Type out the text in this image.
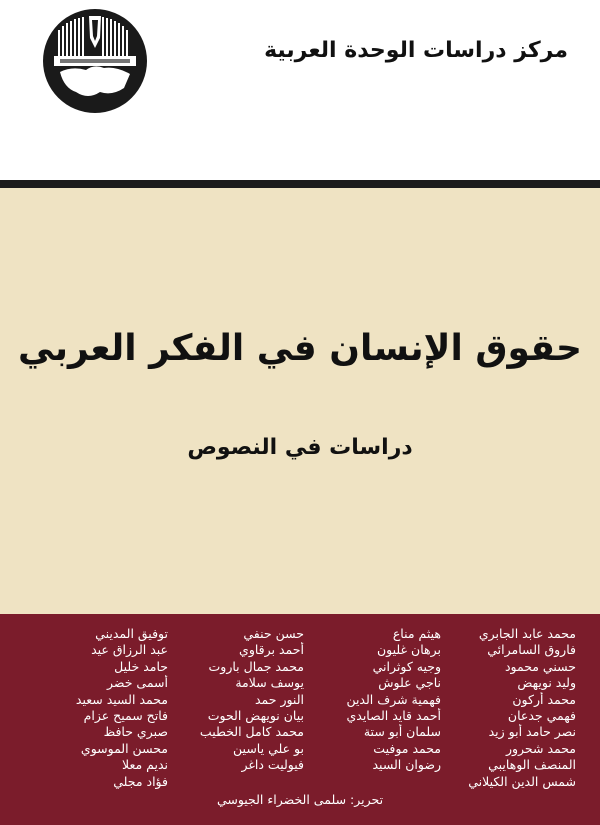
مركز دراسات الوحدة العربية
حقوق الإنسان في الفكر العربي
دراسات في النصوص
محمد عابد الجابري
فاروق السامرائي
حسني محمود
وليد نويهض
محمد أركون
فهمي جدعان
نصر حامد أبو زيد
محمد شحرور
المنصف الوهايبي
شمس الدين الكيلاني
هيثم مناع
برهان غليون
وجيه كوثراني
ناجي علوش
فهمية شرف الدين
أحمد قايد الصايدي
سلمان أبو ستة
محمد موفيت
رضوان السيد
حسن حنفي
أحمد برقاوي
محمد جمال باروت
يوسف سلامة
النور حمد
بيان نويهض الحوت
محمد كامل الخطيب
بو علي ياسين
فيوليت داغر
توفيق المديني
عبد الرزاق عيد
حامد خليل
أسمى خضر
محمد السيد سعيد
فاتح سميح عزام
صبري حافظ
محسن الموسوي
نديم معلا
فؤاد مجلي
تحرير: سلمى الخضراء الجيوسي
